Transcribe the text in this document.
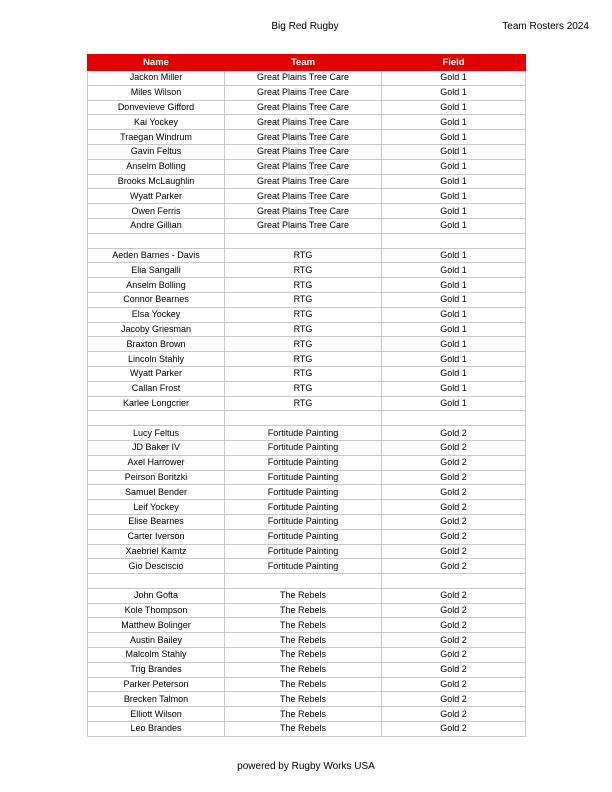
Big Red Rugby	Team Rosters 2024
Name	Team	Field
Jackon Miller	Great Plains Tree Care	Gold 1
Miles Wilson	Great Plains Tree Care	Gold 1
Donvevieve Gifford	Great Plains Tree Care	Gold 1
Kai Yockey	Great Plains Tree Care	Gold 1
Traegan Windrum	Great Plains Tree Care	Gold 1
Gavin Feltus	Great Plains Tree Care	Gold 1
Anselm Bolling	Great Plains Tree Care	Gold 1
Brooks McLaughlin	Great Plains Tree Care	Gold 1
Wyatt Parker	Great Plains Tree Care	Gold 1
Owen Ferris	Great Plains Tree Care	Gold 1
Andre Gillian	Great Plains Tree Care	Gold 1

Aeden Barnes - Davis	RTG	Gold 1
Elia Sangalli	RTG	Gold 1
Anselm Bolling	RTG	Gold 1
Connor Bearnes	RTG	Gold 1
Elsa Yockey	RTG	Gold 1
Jacoby Griesman	RTG	Gold 1
Braxton Brown	RTG	Gold 1
Lincoln Stahly	RTG	Gold 1
Wyatt Parker	RTG	Gold 1
Callan Frost	RTG	Gold 1
Karlee Longcrier	RTG	Gold 1

Lucy Feltus	Fortitude Painting	Gold 2
JD Baker IV	Fortitude Painting	Gold 2
Axel Harrower	Fortitude Painting	Gold 2
Peirson Boritzki	Fortitude Painting	Gold 2
Samuel Bender	Fortitude Painting	Gold 2
Leif Yockey	Fortitude Painting	Gold 2
Elise Bearnes	Fortitude Painting	Gold 2
Carter Iverson	Fortitude Painting	Gold 2
Xaebriel Kamtz	Fortitude Painting	Gold 2
Gio Desciscio	Fortitude Painting	Gold 2

John Gofta	The Rebels	Gold 2
Kole Thompson	The Rebels	Gold 2
Matthew Bolinger	The Rebels	Gold 2
Austin Bailey	The Rebels	Gold 2
Malcolm Stahly	The Rebels	Gold 2
Trig Brandes	The Rebels	Gold 2
Parker Peterson	The Rebels	Gold 2
Brecken Talmon	The Rebels	Gold 2
Elliott Wilson	The Rebels	Gold 2
Leo Brandes	The Rebels	Gold 2
powered by Rugby Works USA
